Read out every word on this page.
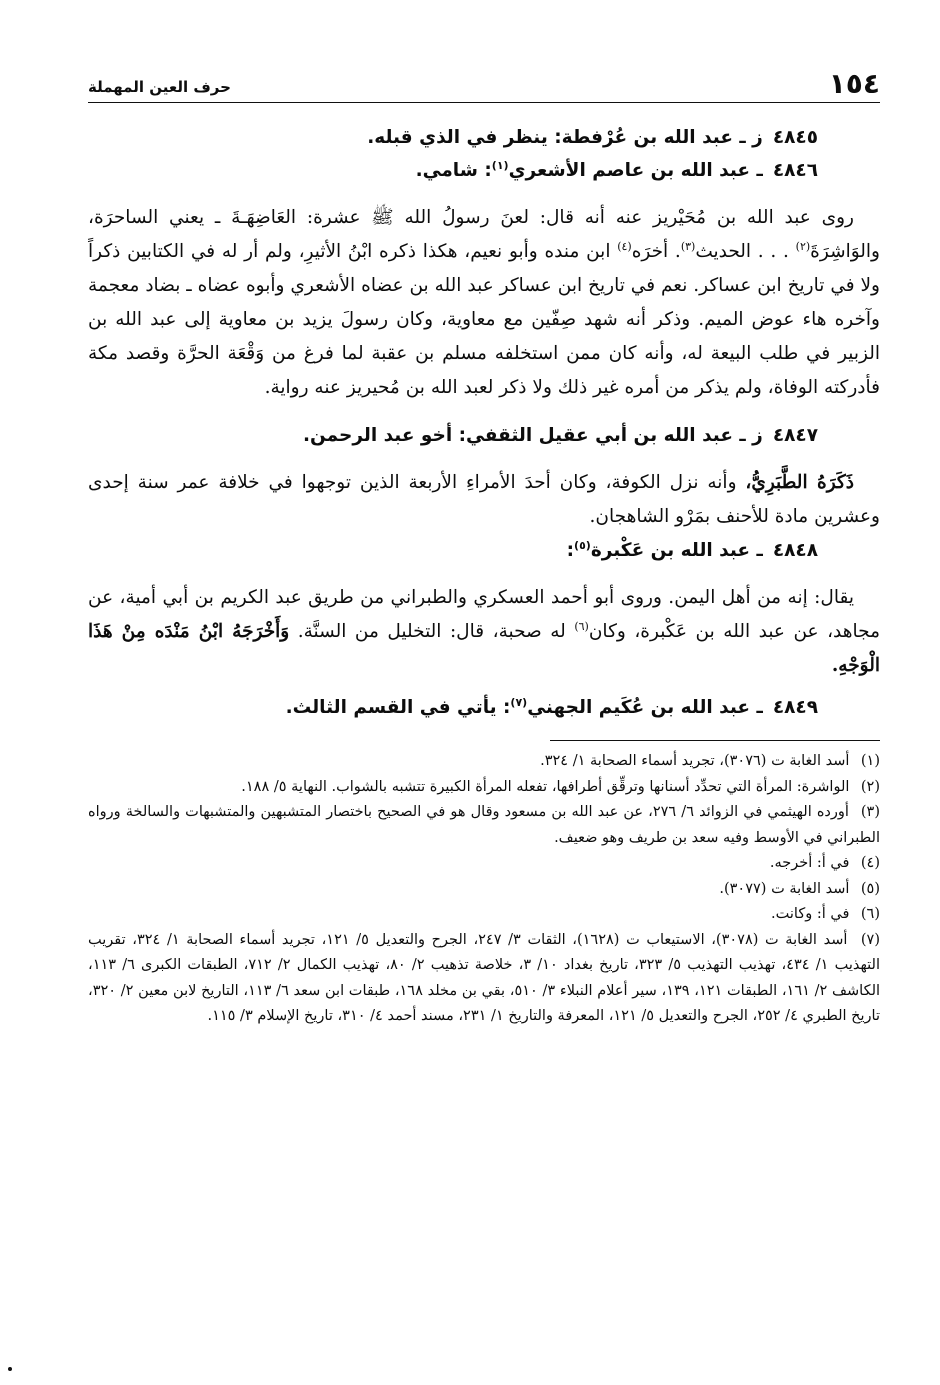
١٥٤
حرف العين المهملة
٤٨٤٥ز ـ عبد الله بن عُرْفطة: ينظر في الذي قبله.
٤٨٤٦ـ عبد الله بن عاصم الأشعري$^{(١)}$: شامي.

روى عبد الله بن مُحَيْريز عنه أنه قال: لعنَ رسولُ الله ﷺ عشرة: العَاضِهَـةَ ـ يعني الساحرَة، والوَاشِرَةَ$^{(٢)}$ . . . الحديث$^{(٣)}$. أخرَه$^{(٤)}$ ابن منده وأبو نعيم، هكذا ذكره ابْنُ الأثيرِ، ولم أر له في الكتابين ذكراً ولا في تاريخ ابن عساكر. نعم في تاريخ ابن عساكر عبد الله بن عضاه الأشعري وأبوه عضاه ـ بضاد معجمة وآخره هاء عوض الميم. وذكر أنه شهد صِفّين مع معاوية، وكان رسولَ يزيد بن معاوية إلى عبد الله بن الزبير في طلب البيعة له، وأنه كان ممن استخلفه مسلم بن عقبة لما فرغ من وَقْعَة الحرَّة وقصد مكة فأدركته الوفاة، ولم يذكر من أمره غير ذلك ولا ذكر لعبد الله بن مُحيريز عنه رواية.

٤٨٤٧ز ـ عبد الله بن أبي عقيل الثقفي: أخو عبد الرحمن.

ذَكَرَهُ الطَّبَرِيُّ، وأنه نزل الكوفة، وكان أحدَ الأمراءِ الأربعة الذين توجهوا في خلافة عمر سنة إحدى وعشرين مادة للأحنف بمَرْو الشاهجان.

٤٨٤٨ـ عبد الله بن عَكْبرة$^{(٥)}$:

يقال: إنه من أهل اليمن. وروى أبو أحمد العسكري والطبراني من طريق عبد الكريم بن أبي أمية، عن مجاهد، عن عبد الله بن عَكْبرة، وكان$^{(٦)}$ له صحبة، قال: التخليل من السنَّة. وَأَخْرَجَهُ ابْنُ مَنْدَه مِنْ هَذَا الْوَجْهِ.

٤٨٤٩ـ عبد الله بن عُكَيم الجهني$^{(٧)}$: يأتي في القسم الثالث.
(١) أسد الغابة ت (٣٠٧٦)، تجريد أسماء الصحابة ١/ ٣٢٤.
(٢) الواشرة: المرأة التي تحدِّد أسنانها وترقِّق أطرافها، تفعله المرأة الكبيرة تتشبه بالشواب. النهاية ٥/ ١٨٨.
(٣) أورده الهيثمي في الزوائد ٦/ ٢٧٦، عن عبد الله بن مسعود وقال هو في الصحيح باختصار المتشبهين والمتشبهات والسالخة ورواه الطبراني في الأوسط وفيه سعد بن طريف وهو ضعيف.
(٤) في أ: أخرجه.
(٥) أسد الغابة ت (٣٠٧٧).
(٦) في أ: وكانت.
(٧) أسد الغابة ت (٣٠٧٨)، الاستيعاب ت (١٦٢٨)، الثقات ٣/ ٢٤٧، الجرح والتعديل ٥/ ١٢١، تجريد أسماء الصحابة ١/ ٣٢٤، تقريب التهذيب ١/ ٤٣٤، تهذيب التهذيب ٥/ ٣٢٣، تاريخ بغداد ١٠/ ٣، خلاصة تذهيب ٢/ ٨٠، تهذيب الكمال ٢/ ٧١٢، الطبقات الكبرى ٦/ ١١٣، الكاشف ٢/ ١٦١، الطبقات ١٢١، ١٣٩، سير أعلام النبلاء ٣/ ٥١٠، بقي بن مخلد ١٦٨، طبقات ابن سعد ٦/ ١١٣، التاريخ لابن معين ٢/ ٣٢٠، تاريخ الطبري ٤/ ٢٥٢، الجرح والتعديل ٥/ ١٢١، المعرفة والتاريخ ١/ ٢٣١، مسند أحمد ٤/ ٣١٠، تاريخ الإسلام ٣/ ١١٥.
